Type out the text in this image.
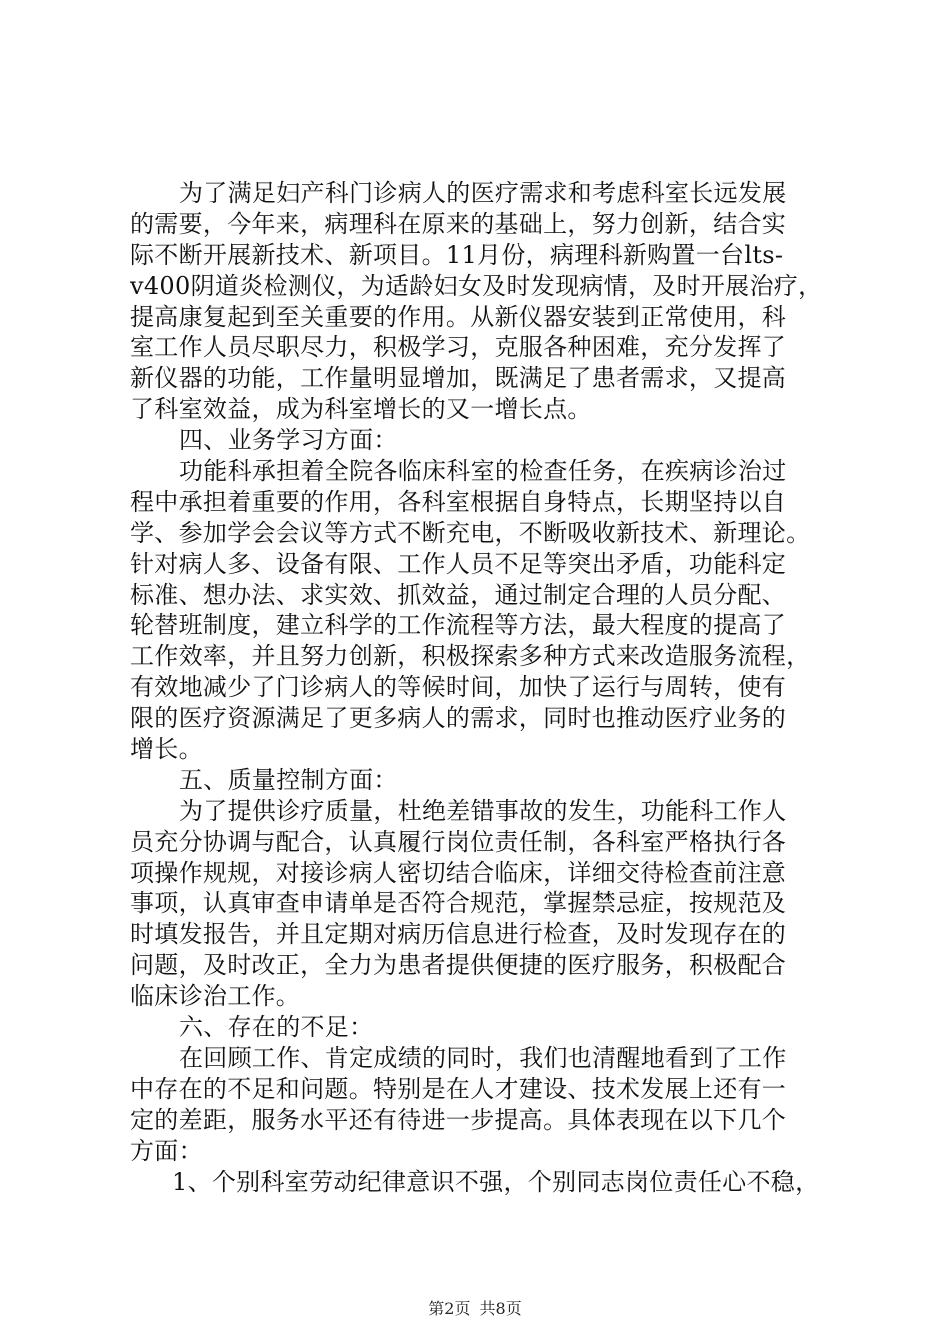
为了满足妇产科门诊病人的医疗需求和考虑科室长远发展
的需要，今年来，病理科在原来的基础上，努力创新，结合实
际不断开展新技术、新项目。11月份，病理科新购置一台lts-
v400阴道炎检测仪，为适龄妇女及时发现病情，及时开展治疗，
提高康复起到至关重要的作用。从新仪器安装到正常使用，科
室工作人员尽职尽力，积极学习，克服各种困难，充分发挥了
新仪器的功能，工作量明显增加，既满足了患者需求，又提高
了科室效益，成为科室增长的又一增长点。
四、业务学习方面：
功能科承担着全院各临床科室的检查任务，在疾病诊治过
程中承担着重要的作用，各科室根据自身特点，长期坚持以自
学、参加学会会议等方式不断充电，不断吸收新技术、新理论。
针对病人多、设备有限、工作人员不足等突出矛盾，功能科定
标准、想办法、求实效、抓效益，通过制定合理的人员分配、
轮替班制度，建立科学的工作流程等方法，最大程度的提高了
工作效率，并且努力创新，积极探索多种方式来改造服务流程，
有效地减少了门诊病人的等候时间，加快了运行与周转，使有
限的医疗资源满足了更多病人的需求，同时也推动医疗业务的
增长。
五、质量控制方面：
为了提供诊疗质量，杜绝差错事故的发生，功能科工作人
员充分协调与配合，认真履行岗位责任制，各科室严格执行各
项操作规规，对接诊病人密切结合临床，详细交待检查前注意
事项，认真审查申请单是否符合规范，掌握禁忌症，按规范及
时填发报告，并且定期对病历信息进行检查，及时发现存在的
问题，及时改正，全力为患者提供便捷的医疗服务，积极配合
临床诊治工作。
六、存在的不足：
在回顾工作、肯定成绩的同时，我们也清醒地看到了工作
中存在的不足和问题。特别是在人才建设、技术发展上还有一
定的差距，服务水平还有待进一步提高。具体表现在以下几个
方面：
1、个别科室劳动纪律意识不强，个别同志岗位责任心不稳，
第2页 共8页
